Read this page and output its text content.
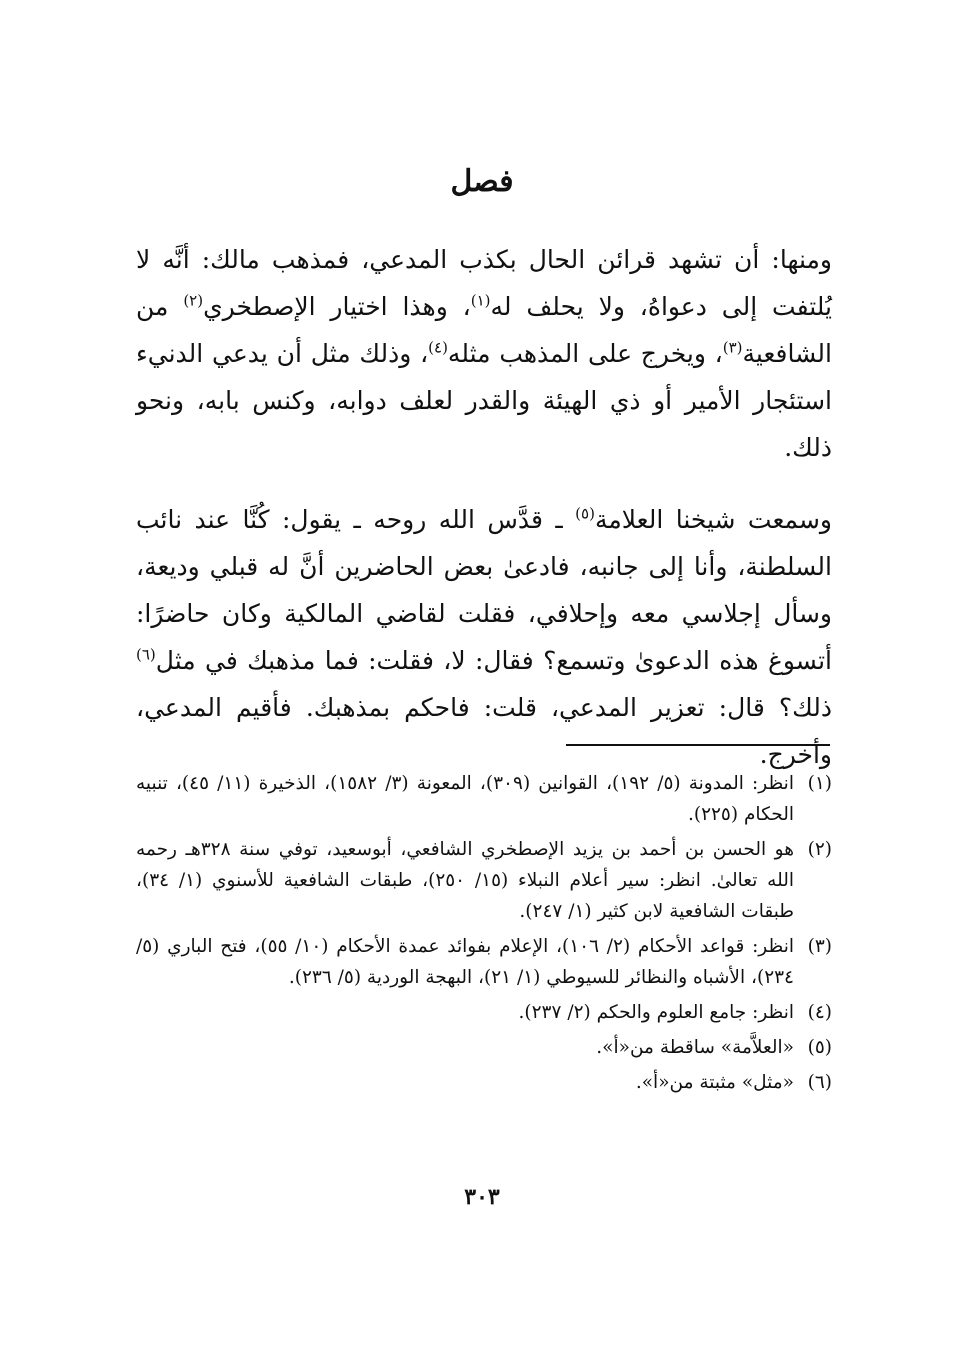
فصل

ومنها: أن تشهد قرائن الحال بكذب المدعي، فمذهب مالك: أنَّه لا يُلتفت إلى دعواهُ، ولا يحلف له$^{(١)}$، وهذا اختيار الإصطخري$^{(٢)}$ من الشافعية$^{(٣)}$، ويخرج على المذهب مثله$^{(٤)}$، وذلك مثل أن يدعي الدنيء استئجار الأمير أو ذي الهيئة والقدر لعلف دوابه، وكنس بابه، ونحو ذلك.

وسمعت شيخنا العلامة$^{(٥)}$ ـ قدَّس الله روحه ـ يقول: كُنَّا عند نائب السلطنة، وأنا إلى جانبه، فادعىٰ بعض الحاضرين أنَّ له قبلي وديعة، وسأل إجلاسي معه وإحلافي، فقلت لقاضي المالكية وكان حاضرًا: أتسوغ هذه الدعوىٰ وتسمع؟ فقال: لا، فقلت: فما مذهبك في مثل$^{(٦)}$ ذلك؟ قال: تعزير المدعي، قلت: فاحكم بمذهبك. فأقيم المدعي، وأخرج.

(١)
انظر: المدونة (٥/ ١٩٢)، القوانين (٣٠٩)، المعونة (٣/ ١٥٨٢)، الذخيرة (١١/ ٤٥)، تنبيه الحكام (٢٢٥).
(٢)
هو الحسن بن أحمد بن يزيد الإصطخري الشافعي، أبوسعيد، توفي سنة ٣٢٨هـ رحمه الله تعالىٰ. انظر: سير أعلام النبلاء (١٥/ ٢٥٠)، طبقات الشافعية للأسنوي (١/ ٣٤)، طبقات الشافعية لابن كثير (١/ ٢٤٧).
(٣)
انظر: قواعد الأحكام (٢/ ١٠٦)، الإعلام بفوائد عمدة الأحكام (١٠/ ٥٥)، فتح الباري (٥/ ٢٣٤)، الأشباه والنظائر للسيوطي (١/ ٢١)، البهجة الوردية (٥/ ٢٣٦).
(٤)
انظر: جامع العلوم والحكم (٢/ ٢٣٧).
(٥)
«العلاَّمة» ساقطة من«أ».
(٦)
«مثل» مثبتة من«أ».
٣٠٣
